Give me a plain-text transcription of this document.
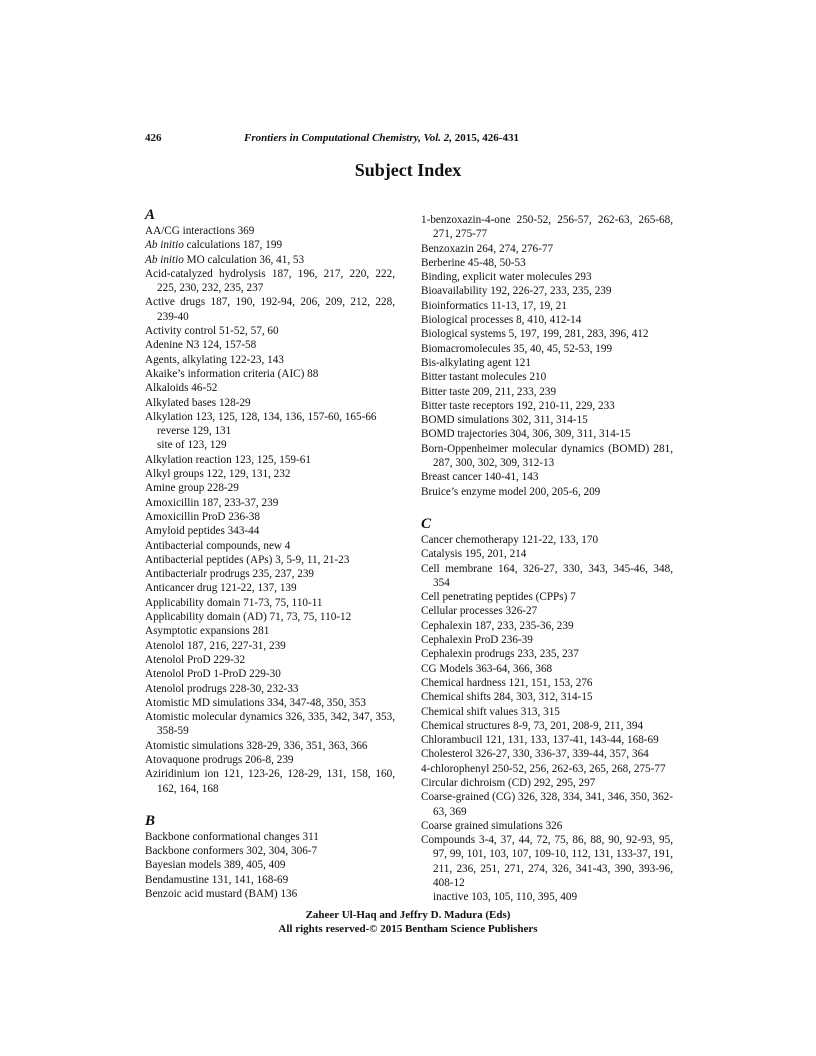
426	Frontiers in Computational Chemistry, Vol. 2, 2015, 426-431
Subject Index
A
AA/CG interactions 369
Ab initio calculations 187, 199
Ab initio MO calculation 36, 41, 53
Acid-catalyzed hydrolysis 187, 196, 217, 220, 222, 225, 230, 232, 235, 237
Active drugs 187, 190, 192-94, 206, 209, 212, 228, 239-40
Activity control 51-52, 57, 60
Adenine N3 124, 157-58
Agents, alkylating 122-23, 143
Akaike’s information criteria (AIC) 88
Alkaloids 46-52
Alkylated bases 128-29
Alkylation 123, 125, 128, 134, 136, 157-60, 165-66
reverse 129, 131
site of 123, 129
Alkylation reaction 123, 125, 159-61
Alkyl groups 122, 129, 131, 232
Amine group 228-29
Amoxicillin 187, 233-37, 239
Amoxicillin ProD 236-38
Amyloid peptides 343-44
Antibacterial compounds, new 4
Antibacterial peptides (APs) 3, 5-9, 11, 21-23
Antibacterialr prodrugs 235, 237, 239
Anticancer drug 121-22, 137, 139
Applicability domain 71-73, 75, 110-11
Applicability domain (AD) 71, 73, 75, 110-12
Asymptotic expansions 281
Atenolol 187, 216, 227-31, 239
Atenolol ProD 229-32
Atenolol ProD 1-ProD 229-30
Atenolol prodrugs 228-30, 232-33
Atomistic MD simulations 334, 347-48, 350, 353
Atomistic molecular dynamics 326, 335, 342, 347, 353, 358-59
Atomistic simulations 328-29, 336, 351, 363, 366
Atovaquone prodrugs 206-8, 239
Aziridinium ion 121, 123-26, 128-29, 131, 158, 160, 162, 164, 168
B
Backbone conformational changes 311
Backbone conformers 302, 304, 306-7
Bayesian models 389, 405, 409
Bendamustine 131, 141, 168-69
Benzoic acid mustard (BAM) 136
1-benzoxazin-4-one 250-52, 256-57, 262-63, 265-68, 271, 275-77
Benzoxazin 264, 274, 276-77
Berberine 45-48, 50-53
Binding, explicit water molecules 293
Bioavailability 192, 226-27, 233, 235, 239
Bioinformatics 11-13, 17, 19, 21
Biological processes 8, 410, 412-14
Biological systems 5, 197, 199, 281, 283, 396, 412
Biomacromolecules 35, 40, 45, 52-53, 199
Bis-alkylating agent 121
Bitter tastant molecules 210
Bitter taste 209, 211, 233, 239
Bitter taste receptors 192, 210-11, 229, 233
BOMD simulations 302, 311, 314-15
BOMD trajectories 304, 306, 309, 311, 314-15
Born-Oppenheimer molecular dynamics (BOMD) 281, 287, 300, 302, 309, 312-13
Breast cancer 140-41, 143
Bruice’s enzyme model 200, 205-6, 209
C
Cancer chemotherapy 121-22, 133, 170
Catalysis 195, 201, 214
Cell membrane 164, 326-27, 330, 343, 345-46, 348, 354
Cell penetrating peptides (CPPs) 7
Cellular processes 326-27
Cephalexin 187, 233, 235-36, 239
Cephalexin ProD 236-39
Cephalexin prodrugs 233, 235, 237
CG Models 363-64, 366, 368
Chemical hardness 121, 151, 153, 276
Chemical shifts 284, 303, 312, 314-15
Chemical shift values 313, 315
Chemical structures 8-9, 73, 201, 208-9, 211, 394
Chlorambucil 121, 131, 133, 137-41, 143-44, 168-69
Cholesterol 326-27, 330, 336-37, 339-44, 357, 364
4-chlorophenyl 250-52, 256, 262-63, 265, 268, 275-77
Circular dichroism (CD) 292, 295, 297
Coarse-grained (CG) 326, 328, 334, 341, 346, 350, 362-63, 369
Coarse grained simulations 326
Compounds 3-4, 37, 44, 72, 75, 86, 88, 90, 92-93, 95, 97, 99, 101, 103, 107, 109-10, 112, 131, 133-37, 191, 211, 236, 251, 271, 274, 326, 341-43, 390, 393-96, 408-12
inactive 103, 105, 110, 395, 409
Zaheer Ul-Haq and Jeffry D. Madura (Eds)
All rights reserved-© 2015 Bentham Science Publishers
